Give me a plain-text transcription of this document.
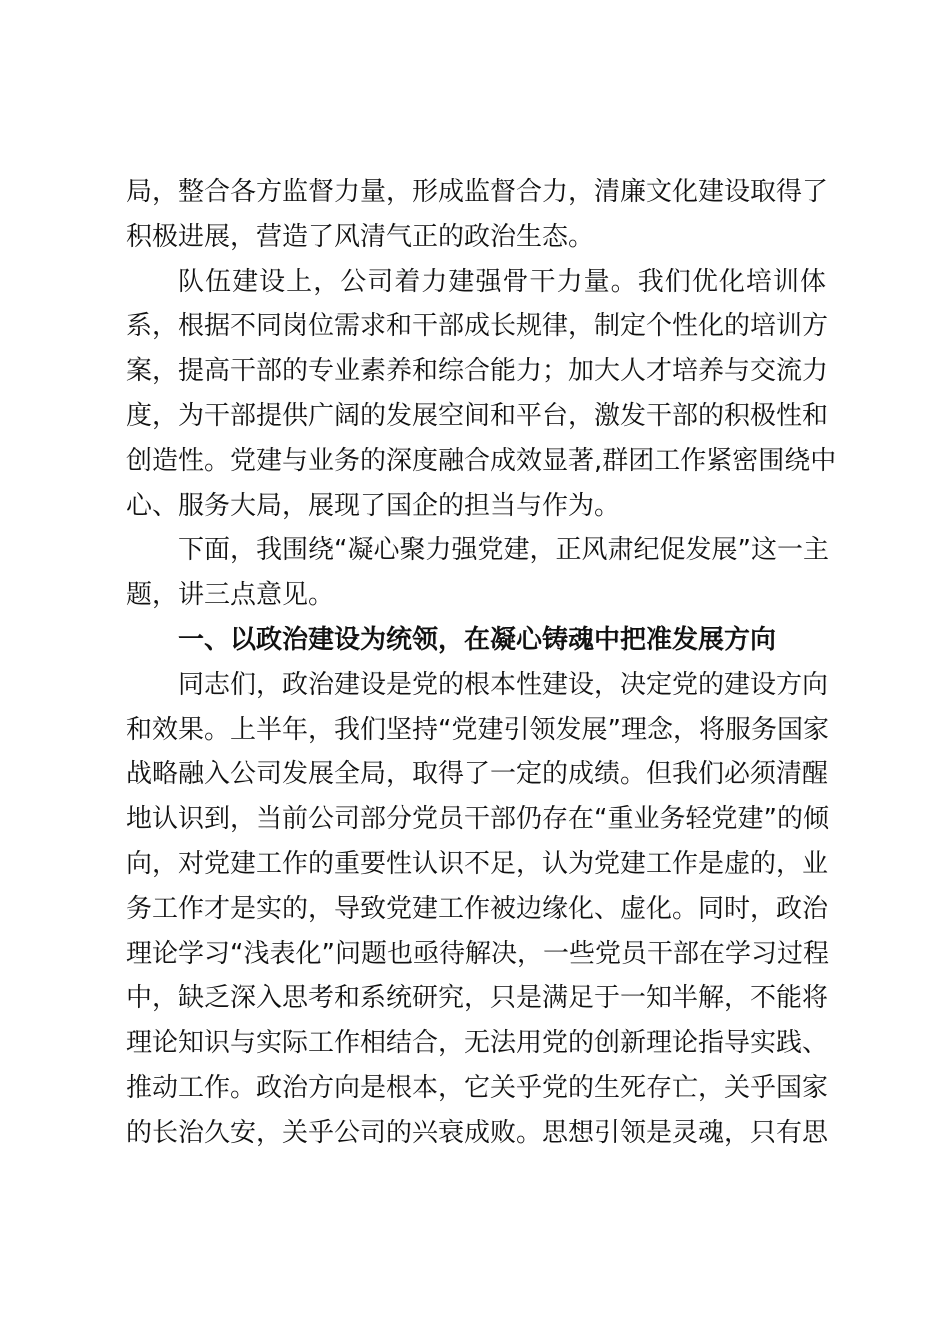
局，整合各方监督力量，形成监督合力，清廉文化建设取得了
积极进展，营造了风清气正的政治生态。
队伍建设上，公司着力建强骨干力量。我们优化培训体
系，根据不同岗位需求和干部成长规律，制定个性化的培训方
案，提高干部的专业素养和综合能力；加大人才培养与交流力
度，为干部提供广阔的发展空间和平台，激发干部的积极性和
创造性。党建与业务的深度融合成效显著,群团工作紧密围绕中
心、服务大局，展现了国企的担当与作为。
下面，我围绕“凝心聚力强党建，正风肃纪促发展”这一主
题，讲三点意见。
一、以政治建设为统领，在凝心铸魂中把准发展方向
同志们，政治建设是党的根本性建设，决定党的建设方向
和效果。上半年，我们坚持“党建引领发展”理念，将服务国家
战略融入公司发展全局，取得了一定的成绩。但我们必须清醒
地认识到，当前公司部分党员干部仍存在“重业务轻党建”的倾
向，对党建工作的重要性认识不足，认为党建工作是虚的，业
务工作才是实的，导致党建工作被边缘化、虚化。同时，政治
理论学习“浅表化”问题也亟待解决，一些党员干部在学习过程
中，缺乏深入思考和系统研究，只是满足于一知半解，不能将
理论知识与实际工作相结合，无法用党的创新理论指导实践、
推动工作。政治方向是根本，它关乎党的生死存亡，关乎国家
的长治久安，关乎公司的兴衰成败。思想引领是灵魂，只有思
